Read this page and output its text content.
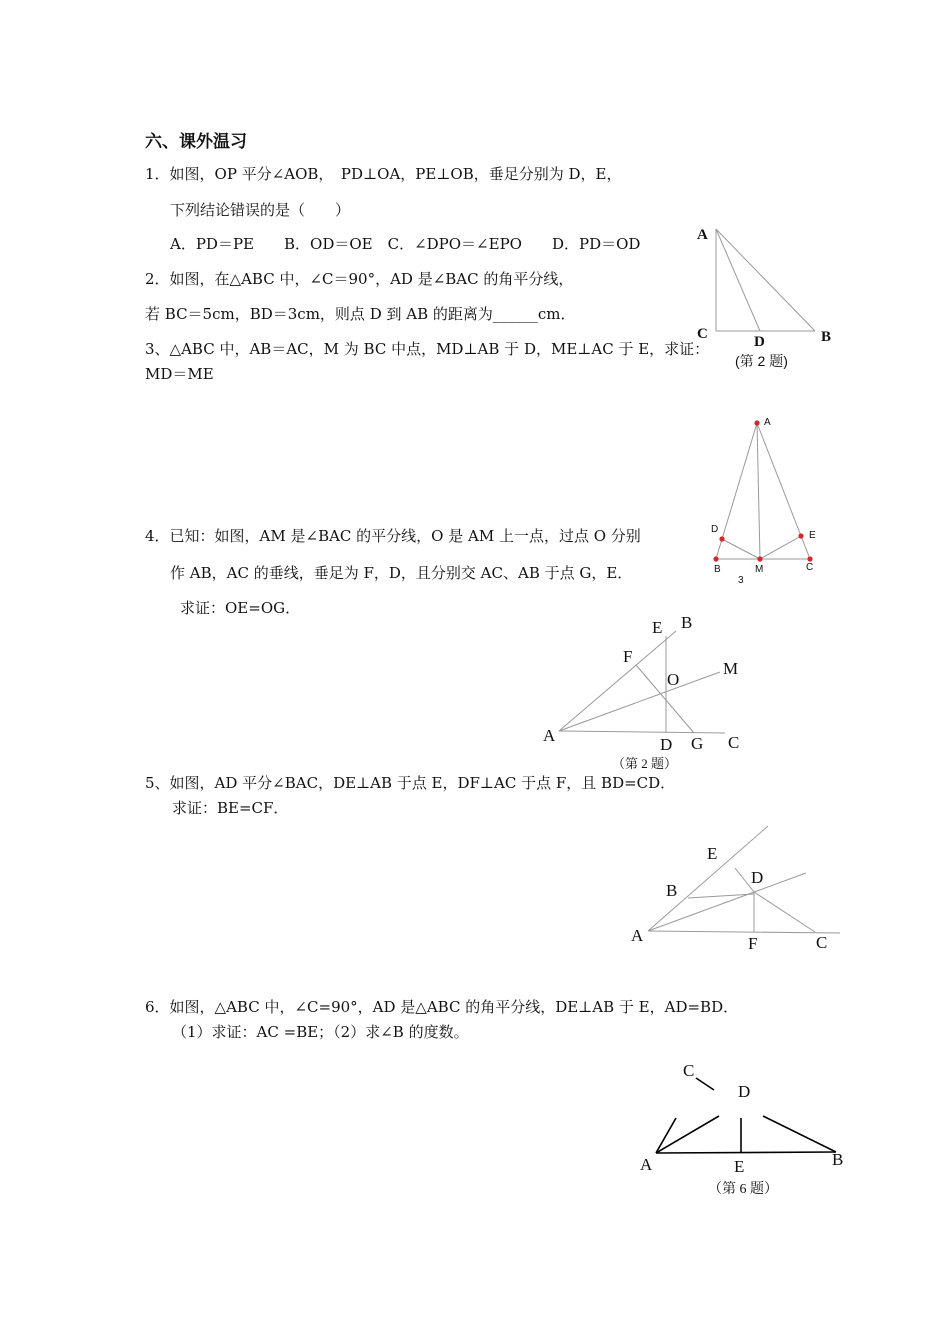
六、课外温习
1．如图，OP 平分∠AOB，　PD⊥OA，PE⊥OB，垂足分别为 D，E，
下列结论错误的是（　　）
A．PD＝PE　　B．OD＝OE　C．∠DPO＝∠EPO　　D．PD＝OD
2．如图，在△ABC 中，∠C＝90°，AD 是∠BAC 的角平分线，
若 BC＝5cm，BD＝3cm，则点 D 到 AB 的距离为______cm．
3、△ABC 中，AB＝AC，M 为 BC 中点，MD⊥AB 于 D，ME⊥AC 于 E，求证：
MD＝ME
4．已知：如图，AM 是∠BAC 的平分线，O 是 AM 上一点，过点 O 分别
作 AB，AC 的垂线，垂足为 F，D，且分别交 AC、AB 于点 G，E．
求证：OE=OG．
5、如图，AD 平分∠BAC，DE⊥AB 于点 E，DF⊥AC 于点 F，且 BD=CD．
求证：BE=CF．
6．如图，△ABC 中，∠C=90°，AD 是△ABC 的角平分线，DE⊥AB 于 E，AD=BD．
（1）求证：AC =BE；（2）求∠B 的度数。
A
C	D	B
(第 2 题)
A
D
E
B	M	C
3
E B
F
M
O
A	D G C
（第 2 题）
E
D
B
A	F	C
C
D
A	E	B
（第 6 题）
